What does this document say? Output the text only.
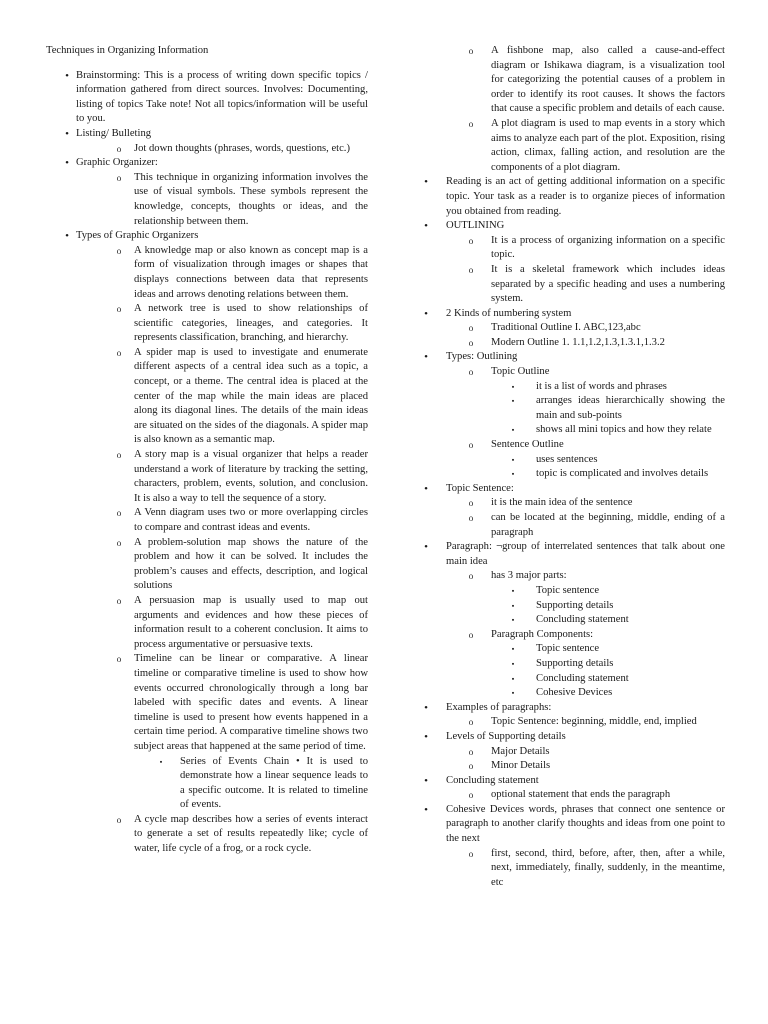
Techniques in Organizing Information
• Brainstorming: This is a process of writing down specific topics / information gathered from direct sources. Involves: Documenting, listing of topics Take note! Not all topics/information will be useful to you.
• Listing/ Bulleting
o	Jot down thoughts (phrases, words, questions, etc.)
• Graphic Organizer:
o	This technique in organizing information involves the use of visual symbols. These symbols represent the knowledge, concepts, thoughts or ideas, and the relationship between them.
• Types of Graphic Organizers
o	A knowledge map or also known as concept map is a form of visualization through images or shapes that displays connections between data that represents ideas and arrows denoting relations between them.
o	A network tree is used to show relationships of scientific categories, lineages, and categories. It represents classification, branching, and hierarchy.
o	A spider map is used to investigate and enumerate different aspects of a central idea such as a topic, a concept, or a theme. The central idea is placed at the center of the map while the main ideas are placed along its diagonal lines. The details of the main ideas are situated on the sides of the diagonals. A spider map is also known as a semantic map.
o	A story map is a visual organizer that helps a reader understand a work of literature by tracking the setting, characters, problem, events, solution, and conclusion. It is also a way to tell the sequence of a story.
o	A Venn diagram uses two or more overlapping circles to compare and contrast ideas and events.
o	A problem-solution map shows the nature of the problem and how it can be solved. It includes the problem’s causes and effects, description, and logical solutions
o	A persuasion map is usually used to map out arguments and evidences and how these pieces of information result to a coherent conclusion. It aims to process argumentative or persuasive texts.
o	Timeline can be linear or comparative. A linear timeline or comparative timeline is used to show how events occurred chronologically through a long bar labeled with specific dates and events. A linear timeline is used to present how events happened in a certain time period. A comparative timeline shows two subject areas that happened at the same period of time.
▪	Series of Events Chain • It is used to demonstrate how a linear sequence leads to a specific outcome. It is related to timeline of events.
o	A cycle map describes how a series of events interact to generate a set of results repeatedly like; cycle of water, life cycle of a frog, or a rock cycle.
o	A fishbone map, also called a cause-and-effect diagram or Ishikawa diagram, is a visualization tool for categorizing the potential causes of a problem in order to identify its root causes. It shows the factors that cause a specific problem and details of each cause.
o	A plot diagram is used to map events in a story which aims to analyze each part of the plot. Exposition, rising action, climax, falling action, and resolution are the components of a plot diagram.
•	Reading is an act of getting additional information on a specific topic. Your task as a reader is to organize pieces of information you obtained from reading.
•	OUTLINING
o	It is a process of organizing information on a specific topic.
o	It is a skeletal framework which includes ideas separated by a specific heading and uses a numbering system.
•	2 Kinds of numbering system
o	Traditional Outline I. ABC,123,abc
o	Modern Outline 1. 1.1,1.2,1.3,1.3.1,1.3.2
•	Types: Outlining
o	Topic Outline
▪	it is a list of words and phrases
▪	arranges ideas hierarchically showing the main and sub-points
▪	shows all mini topics and how they relate
o	Sentence Outline
▪	uses sentences
▪	topic is complicated and involves details
•	Topic Sentence:
o	it is the main idea of the sentence
o	can be located at the beginning, middle, ending of a paragraph
•	Paragraph: ¬group of interrelated sentences that talk about one main idea
o	has 3 major parts:
▪	Topic sentence
▪	Supporting details
▪	Concluding statement
o	Paragraph Components:
▪	Topic sentence
▪	Supporting details
▪	Concluding statement
▪	Cohesive Devices
•	Examples of paragraphs:
o	Topic Sentence: beginning, middle, end, implied
•	Levels of Supporting details
o	Major Details
o	Minor Details
•	Concluding statement
o	optional statement that ends the paragraph
•	Cohesive Devices words, phrases that connect one sentence or paragraph to another clarify thoughts and ideas from one point to the next
o	first, second, third, before, after, then, after a while, next, immediately, finally, suddenly, in the meantime, etc
